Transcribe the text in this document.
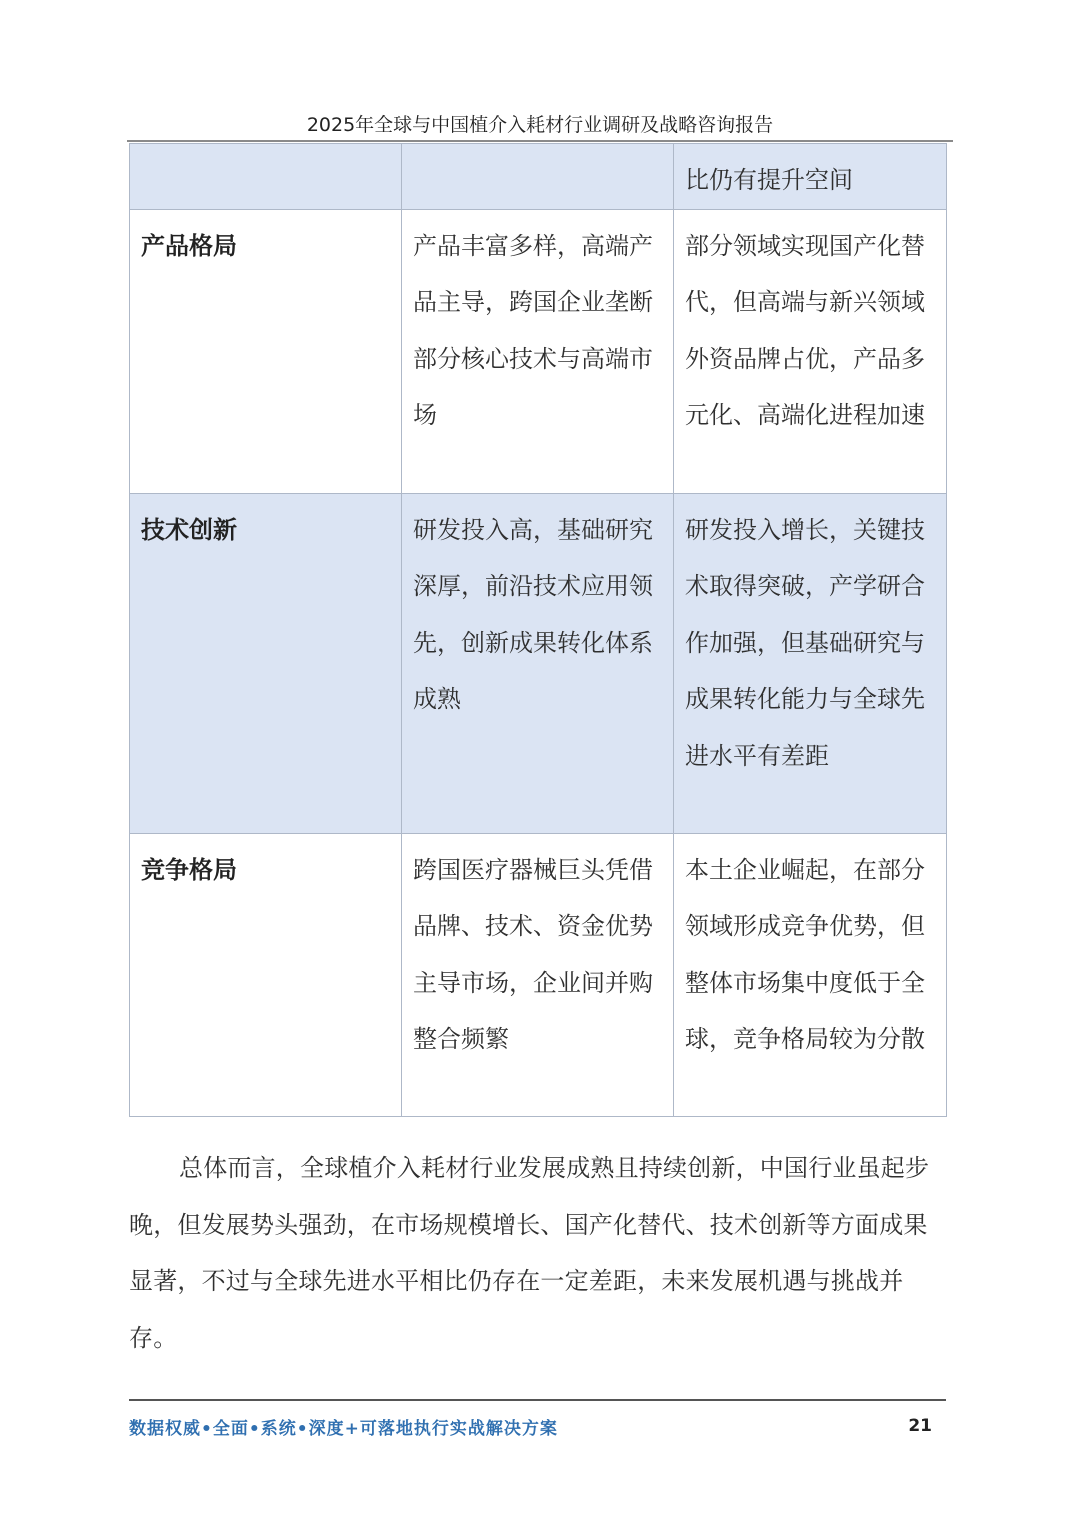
2025年全球与中国植介入耗材行业调研及战略咨询报告
		比仍有提升空间
产品格局	产品丰富多样，高端产品主导，跨国企业垄断部分核心技术与高端市场	部分领域实现国产化替代，但高端与新兴领域外资品牌占优，产品多元化、高端化进程加速
技术创新	研发投入高，基础研究深厚，前沿技术应用领先，创新成果转化体系成熟	研发投入增长，关键技术取得突破，产学研合作加强，但基础研究与成果转化能力与全球先进水平有差距
竞争格局	跨国医疗器械巨头凭借品牌、技术、资金优势主导市场，企业间并购整合频繁	本土企业崛起，在部分领域形成竞争优势，但整体市场集中度低于全球，竞争格局较为分散

总体而言，全球植介入耗材行业发展成熟且持续创新，中国行业虽起步晚，但发展势头强劲，在市场规模增长、国产化替代、技术创新等方面成果显著，不过与全球先进水平相比仍存在一定差距，未来发展机遇与挑战并存。

数据权威•全面•系统•深度+可落地执行实战解决方案	21
